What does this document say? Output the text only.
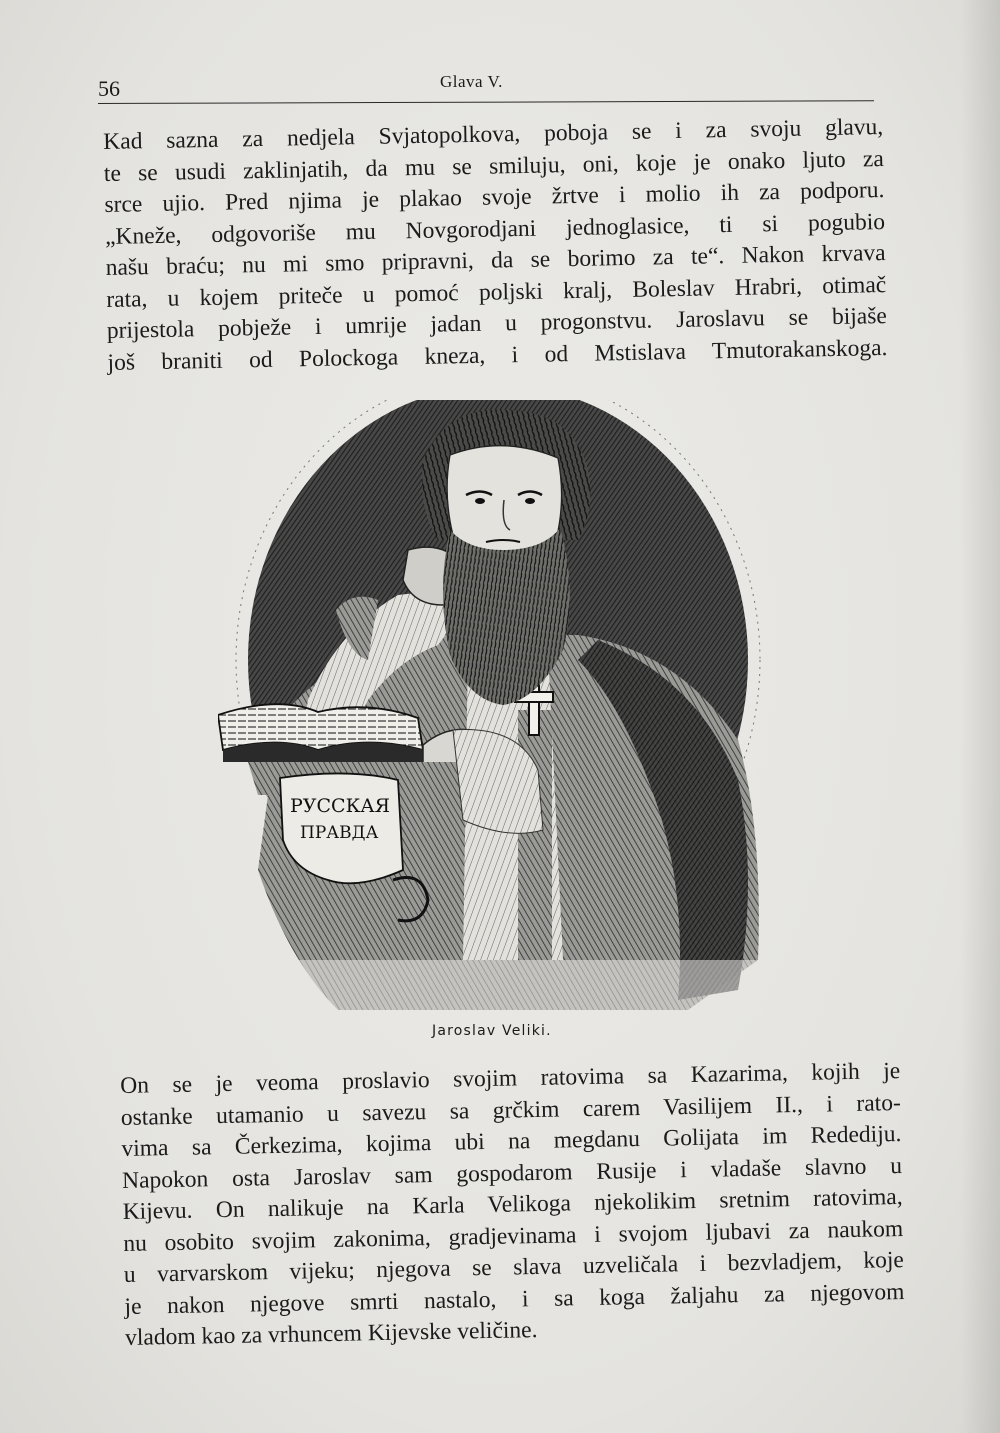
56	Glava V.
Kad sazna za nedjela Svjatopolkova, poboja se i za svoju glavu,
te se usudi zaklinjatih, da mu se smiluju, oni, koje je onako ljuto za
srce ujio. Pred njima je plakao svoje žrtve i molio ih za podporu.
„Kneže, odgovoriše mu Novgorodjani jednoglasice, ti si pogubio
našu braću; nu mi smo pripravni, da se borimo za te“. Nakon krvava
rata, u kojem priteče u pomoć poljski kralj, Boleslav Hrabri, otimač
prijestola pobježe i umrije jadan u progonstvu. Jaroslavu se bijaše
još braniti od Polockoga kneza, i od Mstislava Tmutorakanskoga.
РУССКАЯ
ПРАВДА
Jaroslav Veliki.
On se je veoma proslavio svojim ratovima sa Kazarima, kojih je
ostanke utamanio u savezu sa grčkim carem Vasilijem II., i rato-
vima sa Čerkezima, kojima ubi na megdanu Golijata im Redediju.
Napokon osta Jaroslav sam gospodarom Rusije i vladaše slavno u
Kijevu. On nalikuje na Karla Velikoga njekolikim sretnim ratovima,
nu osobito svojim zakonima, gradjevinama i svojom ljubavi za naukom
u varvarskom vijeku; njegova se slava uzveličala i bezvladjem, koje
je nakon njegove smrti nastalo, i sa koga žaljahu za njegovom
vladom kao za vrhuncem Kijevske veličine.
